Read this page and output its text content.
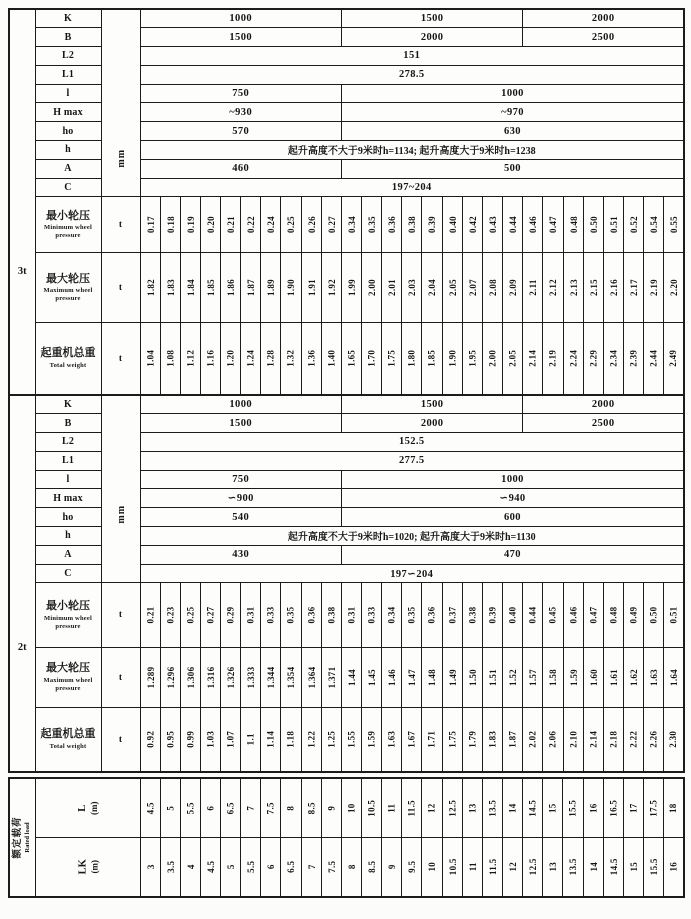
3t	K	mm	1000										1500									2000							
	B		1500										2000									2500							
	L2		151																										
	L1		278.5																										
	l		750										1000																
	H max		~930										~970																
	ho		570										630																
	h		起升高度不大于9米时h=1134; 起升高度大于9米时h=1238																										
	A		460										500																
	C		197~204																										

	最小轮压
Minimum wheel pressure	t	0.17	0.18	0.19	0.20	0.21	0.22	0.24	0.25	0.26	0.27	0.34	0.35	0.36	0.38	0.39	0.40	0.42	0.43	0.44	0.46	0.47	0.48	0.50	0.51	0.52	0.54	0.55

	最大轮压
Maximum wheel pressure	t	1.82	1.83	1.84	1.85	1.86	1.87	1.89	1.90	1.91	1.92	1.99	2.00	2.01	2.03	2.04	2.05	2.07	2.08	2.09	2.11	2.12	2.13	2.15	2.16	2.17	2.19	2.20

	起重机总重
Total weight	t	1.04	1.08	1.12	1.16	1.20	1.24	1.28	1.32	1.36	1.40	1.65	1.70	1.75	1.80	1.85	1.90	1.95	2.00	2.05	2.14	2.19	2.24	2.29	2.34	2.39	2.44	2.49

2t	K	mm	1000										1500									2000							
	B		1500										2000									2500							
	L2		152.5																										
	L1		277.5																										
	l		750										1000																
	H max		∽900										∽940																
	ho		540										600																
	h		起升高度不大于9米时h=1020; 起升高度大于9米时h=1130																										
	A		430										470																
	C		197∽204																										

	最小轮压
Minimum wheel pressure	t	0.21	0.23	0.25	0.27	0.29	0.31	0.33	0.35	0.36	0.38	0.31	0.33	0.34	0.35	0.36	0.37	0.38	0.39	0.40	0.44	0.45	0.46	0.47	0.48	0.49	0.50	0.51

	最大轮压
Maximum wheel pressure	t	1.289	1.296	1.306	1.316	1.326	1.333	1.344	1.354	1.364	1.371	1.44	1.45	1.46	1.47	1.48	1.49	1.50	1.51	1.52	1.57	1.58	1.59	1.60	1.61	1.62	1.63	1.64

	起重机总重
Total weight	t	0.92	0.95	0.99	1.03	1.07	1.1	1.14	1.18	1.22	1.25	1.55	1.59	1.63	1.67	1.71	1.75	1.79	1.83	1.87	2.02	2.06	2.10	2.14	2.18	2.22	2.26	2.30
额定载荷 Rated load

L (m)	4.5	5	5.5	6	6.5	7	7.5	8	8.5	9	10	10.5	11	11.5	12	12.5	13	13.5	14	14.5	15	15.5	16	16.5	17	17.5	18

	LK (m)	3	3.5	4	4.5	5	5.5	6	6.5	7	7.5	8	8.5	9	9.5	10	10.5	11	11.5	12	12.5	13	13.5	14	14.5	15	15.5	16
